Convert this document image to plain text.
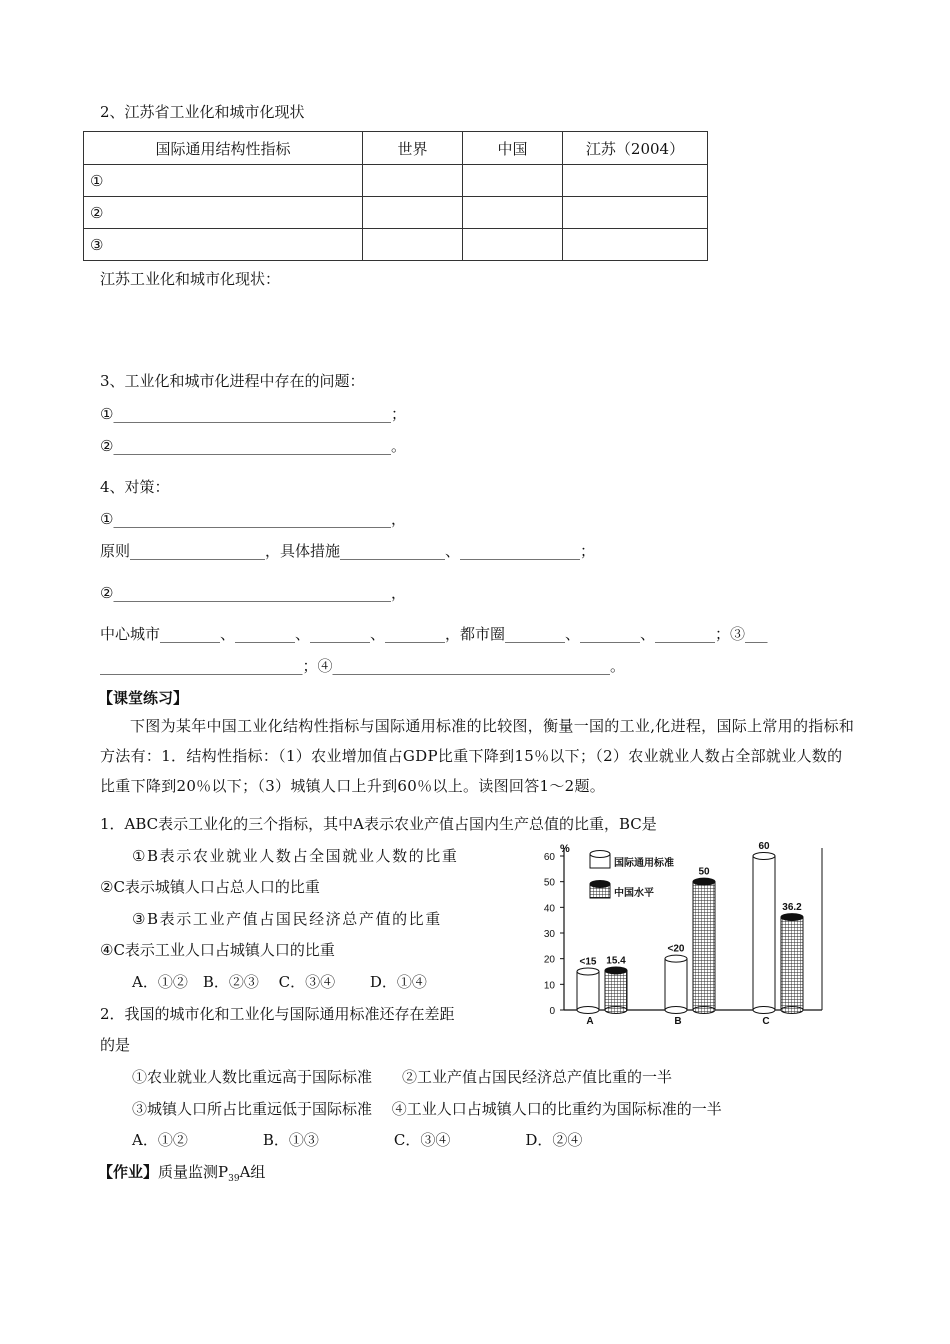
2、江苏省工业化和城市化现状
国际通用结构性指标	世界	中国	江苏（2004）
①			
②			
③			
江苏工业化和城市化现状：
3、工业化和城市化进程中存在的问题：
①_____________________________________；
②_____________________________________。
4、对策：
①_____________________________________，
原则__________________，具体措施______________、________________；
②_____________________________________，
中心城市________、________、________、________，都市圈________、________、________；③___
___________________________；④_____________________________________。
【课堂练习】
下图为某年中国工业化结构性指标与国际通用标准的比较图，衡量一国的工业,化进程，国际上常用的指标和方法有：1．结构性指标：（1）农业增加值占GDP比重下降到15％以下；（2）农业就业人数占全部就业人数的比重下降到20％以下；（3）城镇人口上升到60％以上。读图回答1～2题。
1．ABC表示工业化的三个指标，其中A表示农业产值占国内生产总值的比重，BC是
①B表示农业就业人数占全国就业人数的比重
②C表示城镇人口占总人口的比重
③B表示工业产值占国民经济总产值的比重
④C表示工业人口占城镇人口的比重
A．①②　B．②③　 C．③④　　 D．①④
2．我国的城市化和工业化与国际通用标准还存在差距
的是
①农业就业人数比重远高于国际标准　　②工业产值占国民经济总产值比重的一半
③城镇人口所占比重远低于国际标准　 ④工业人口占城镇人口的比重约为国际标准的一半
A．①②　　　　　B．①③　　　　　C．③④　　　　　D．②④
【作业】质量监测$P_{39}A$组
0
10
20
30
40
50
60
%
国际通用标准
中国水平
<15 15.4
A
<20
50
B
60
36.2
C
